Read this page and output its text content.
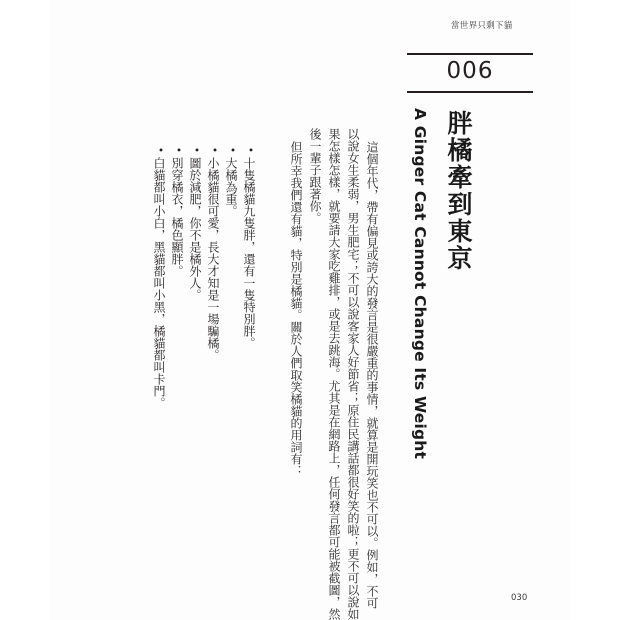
當世界只剩下貓
006
胖橘牽到東京
A Ginger Cat Cannot Change Its Weight
這個年代，帶有偏見或誇大的發言是很嚴重的事情，就算是開玩笑也不可以。例如，不可
以說女生柔弱，男生肥宅；不可以說客家人好節省；原住民講話都很好笑的啦；更不可以說如
果怎樣怎樣，就要請大家吃雞排，或是去跳海。尤其是在網路上，任何發言都可能被截圖，然
後一輩子跟著你。
但所幸我們還有貓，特別是橘貓。關於人們取笑橘貓的用詞有：
•十隻橘貓九隻胖，還有一隻特別胖。
•大橘為重。
•小橘貓很可愛，長大才知是一場騙橘。
•圖於減肥，你不是橘外人。
•別穿橘衣，橘色顯胖。
•白貓都叫小白，黑貓都叫小黑，橘貓都叫卡門。
030
